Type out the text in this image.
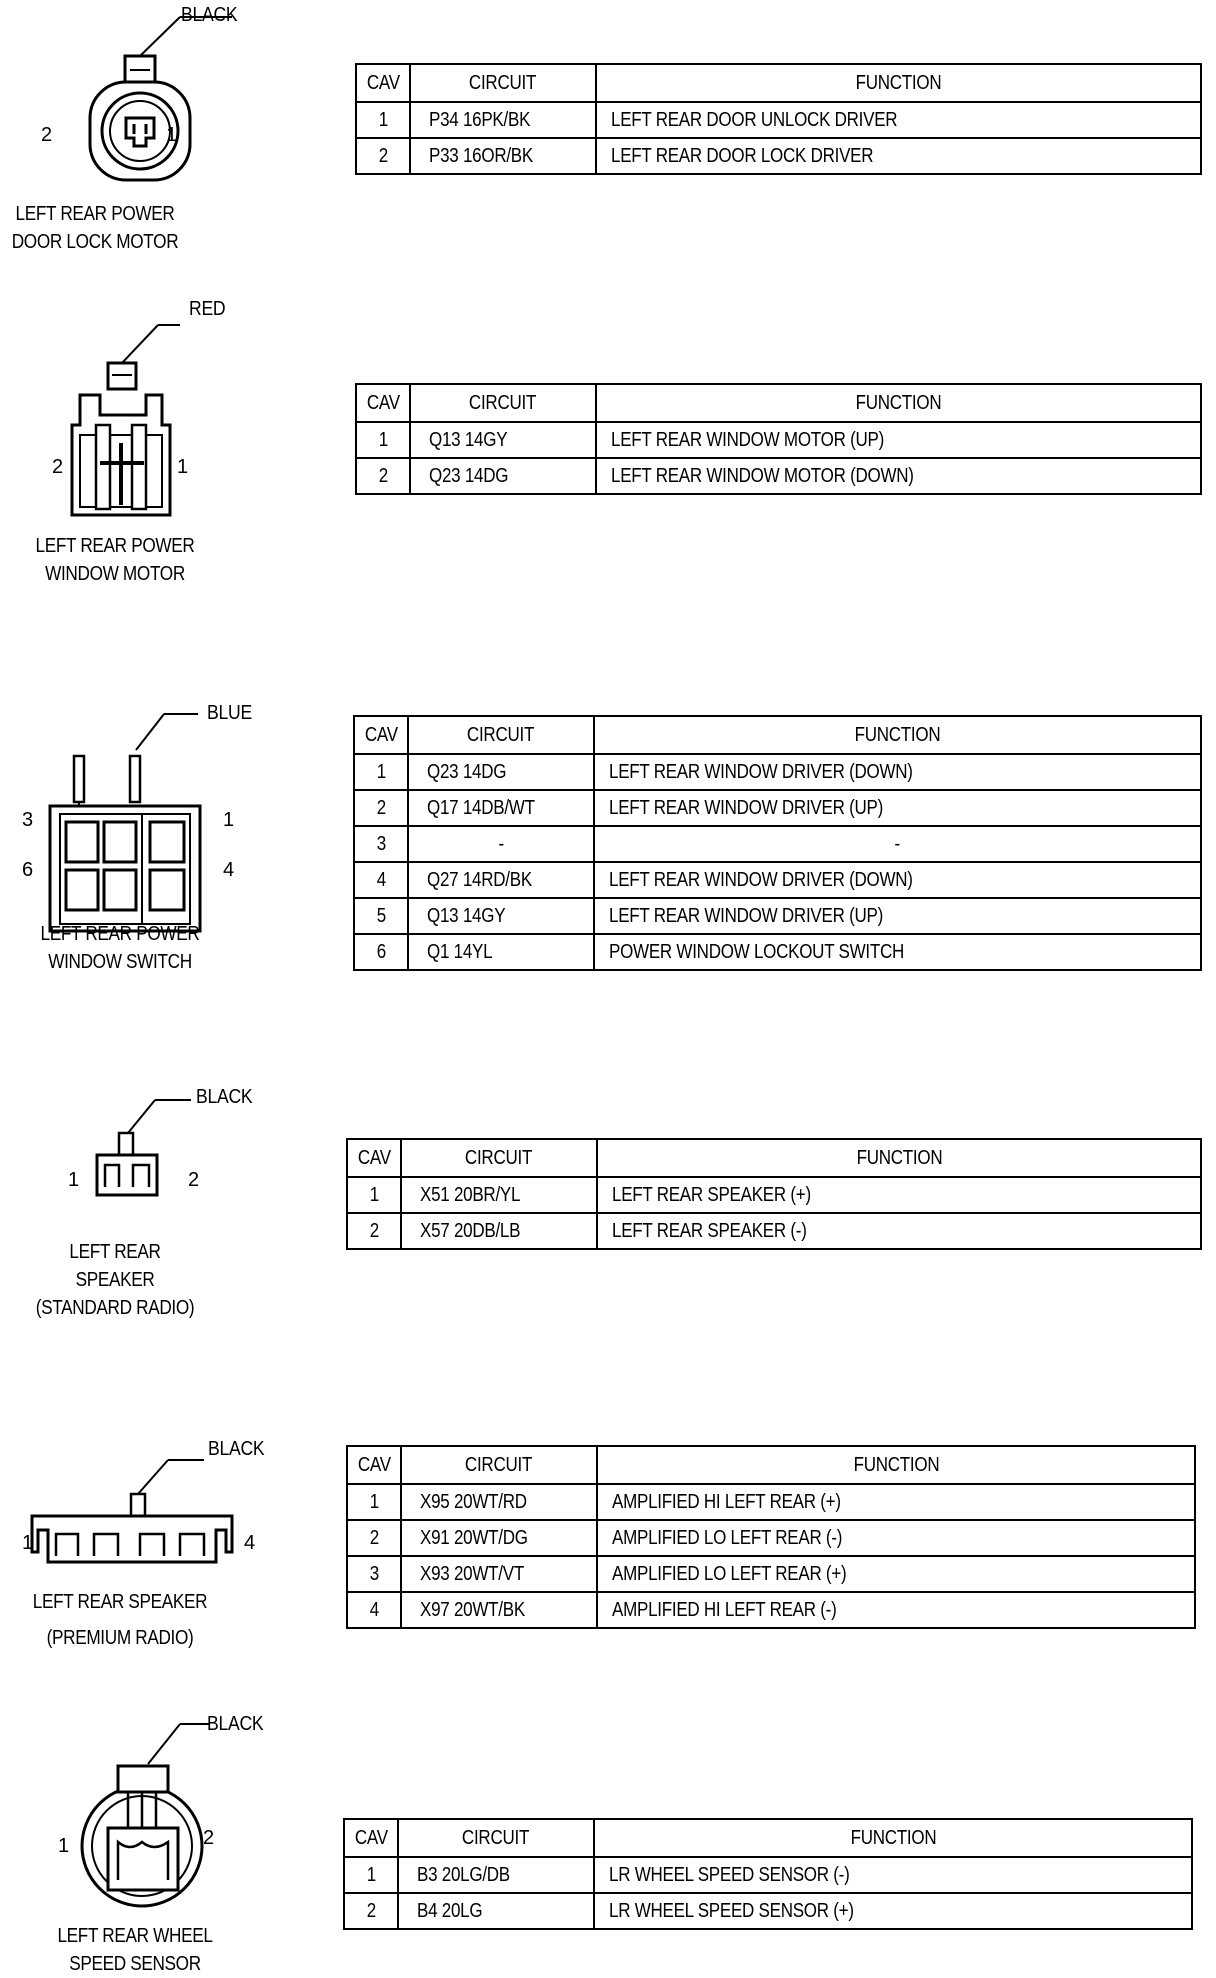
BLACK
2	1
LEFT REAR POWER
DOOR LOCK MOTOR
CAV	CIRCUIT	FUNCTION
1	P34 16PK/BK	LEFT REAR DOOR UNLOCK DRIVER
2	P33 16OR/BK	LEFT REAR DOOR LOCK DRIVER
RED
2	1
LEFT REAR POWER
WINDOW MOTOR
CAV	CIRCUIT	FUNCTION
1	Q13 14GY	LEFT REAR WINDOW MOTOR (UP)
2	Q23 14DG	LEFT REAR WINDOW MOTOR (DOWN)
BLUE
3	1
6	4
LEFT REAR POWER
WINDOW SWITCH
CAV	CIRCUIT	FUNCTION
1	Q23 14DG	LEFT REAR WINDOW DRIVER (DOWN)
2	Q17 14DB/WT	LEFT REAR WINDOW DRIVER (UP)
3	-	-
4	Q27 14RD/BK	LEFT REAR WINDOW DRIVER (DOWN)
5	Q13 14GY	LEFT REAR WINDOW DRIVER (UP)
6	Q1 14YL	POWER WINDOW LOCKOUT SWITCH
BLACK
1	2
LEFT REAR
SPEAKER
(STANDARD RADIO)
CAV	CIRCUIT	FUNCTION
1	X51 20BR/YL	LEFT REAR SPEAKER (+)
2	X57 20DB/LB	LEFT REAR SPEAKER (-)
BLACK
1	4
LEFT REAR SPEAKER
(PREMIUM RADIO)
CAV	CIRCUIT	FUNCTION
1	X95 20WT/RD	AMPLIFIED HI LEFT REAR (+)
2	X91 20WT/DG	AMPLIFIED LO LEFT REAR (-)
3	X93 20WT/VT	AMPLIFIED LO LEFT REAR (+)
4	X97 20WT/BK	AMPLIFIED HI LEFT REAR (-)
BLACK
1	2
LEFT REAR WHEEL
SPEED SENSOR
CAV	CIRCUIT	FUNCTION
1	B3 20LG/DB	LR WHEEL SPEED SENSOR (-)
2	B4 20LG	LR WHEEL SPEED SENSOR (+)
